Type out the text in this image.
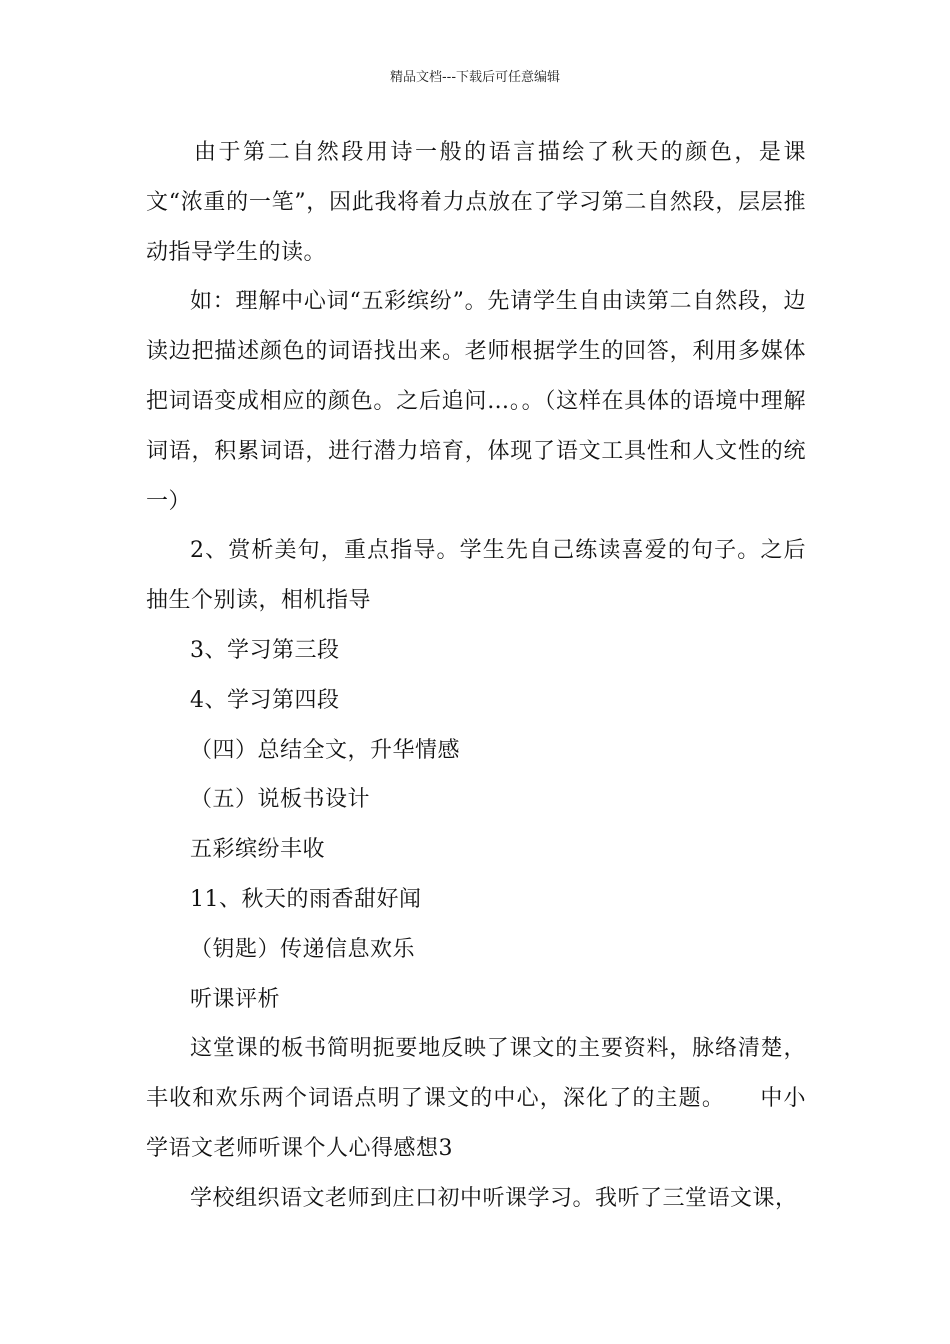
精品文档---下载后可任意编辑

由于第二自然段用诗一般的语言描绘了秋天的颜色，是课文“浓重的一笔”，因此我将着力点放在了学习第二自然段，层层推动指导学生的读。

如：理解中心词“五彩缤纷”。先请学生自由读第二自然段，边读边把描述颜色的词语找出来。老师根据学生的回答，利用多媒体把词语变成相应的颜色。之后追问…。。（这样在具体的语境中理解词语，积累词语，进行潜力培育，体现了语文工具性和人文性的统一）

2、赏析美句，重点指导。学生先自己练读喜爱的句子。之后抽生个别读，相机指导

3、学习第三段

4、学习第四段

（四）总结全文，升华情感

（五）说板书设计

五彩缤纷丰收

11、秋天的雨香甜好闻

（钥匙）传递信息欢乐

听课评析

这堂课的板书简明扼要地反映了课文的主要资料，脉络清楚，丰收和欢乐两个词语点明了课文的中心，深化了的主题。　　中小学语文老师听课个人心得感想3

学校组织语文老师到庄口初中听课学习。我听了三堂语文课，
